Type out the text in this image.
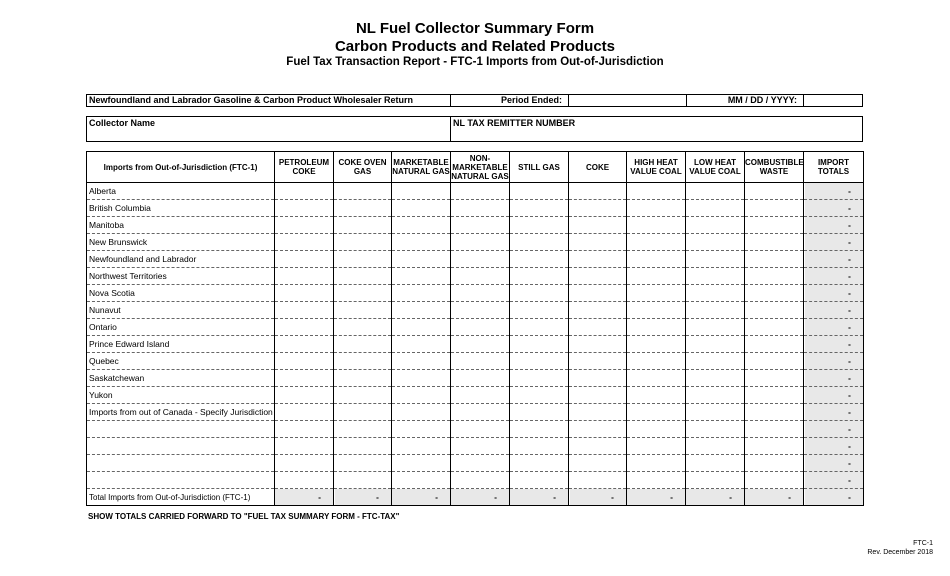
NL Fuel Collector Summary Form
Carbon Products and Related Products
Fuel Tax Transaction Report - FTC-1 Imports from Out-of-Jurisdiction
Newfoundland and Labrador Gasoline & Carbon Product Wholesaler Return	Period Ended:	MM / DD / YYYY:
Collector Name	NL TAX REMITTER NUMBER
Imports from Out-of-Jurisdiction (FTC-1)	PETROLEUM COKE	COKE OVEN GAS	MARKETABLE NATURAL GAS	NON-MARKETABLE NATURAL GAS	STILL GAS	COKE	HIGH HEAT VALUE COAL	LOW HEAT VALUE COAL	COMBUSTIBLE WASTE	IMPORT TOTALS
Alberta										-
British Columbia										-
Manitoba										-
New Brunswick										-
Newfoundland and Labrador										-
Northwest Territories										-
Nova Scotia										-
Nunavut										-
Ontario										-
Prince Edward Island										-
Quebec										-
Saskatchewan										-
Yukon										-
Imports from out of Canada - Specify Jurisdiction										-
										-
										-
										-
										-
Total Imports from Out-of-Jurisdiction (FTC-1)	-	-	-	-	-	-	-	-	-	-
SHOW TOTALS CARRIED FORWARD TO "FUEL TAX SUMMARY FORM - FTC-TAX"
FTC-1
Rev. December 2018
